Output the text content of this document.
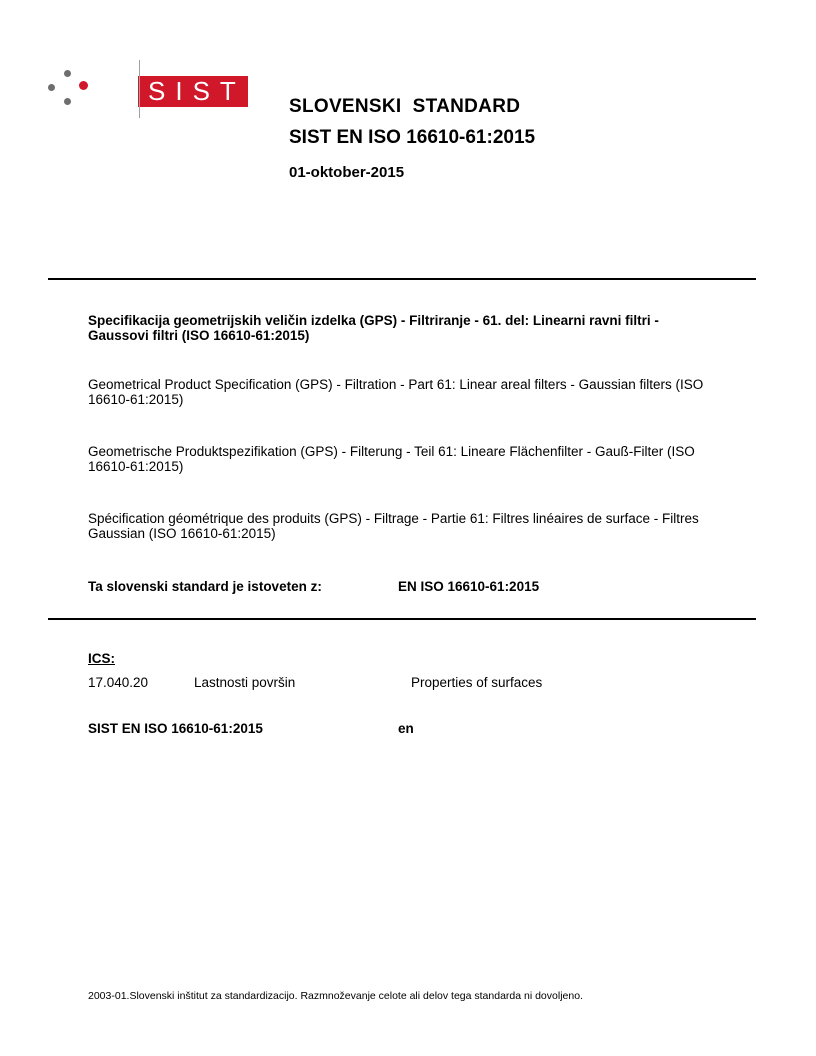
SIST
SLOVENSKI  STANDARD
SIST EN ISO 16610-61:2015
01-oktober-2015
Specifikacija geometrijskih veličin izdelka (GPS) - Filtriranje - 61. del: Linearni ravni filtri - Gaussovi filtri (ISO 16610-61:2015)
Geometrical Product Specification (GPS) - Filtration - Part 61: Linear areal filters - Gaussian filters (ISO 16610-61:2015)
Geometrische Produktspezifikation (GPS) - Filterung - Teil 61: Lineare Flächenfilter - Gauß-Filter (ISO 16610-61:2015)
Spécification géométrique des produits (GPS) - Filtrage - Partie 61: Filtres linéaires de surface - Filtres Gaussian (ISO 16610-61:2015)
Ta slovenski standard je istoveten z:	EN ISO 16610-61:2015
ICS:
17.040.20	Lastnosti površin	Properties of surfaces
SIST EN ISO 16610-61:2015	en
2003-01.Slovenski inštitut za standardizacijo. Razmnoževanje celote ali delov tega standarda ni dovoljeno.
